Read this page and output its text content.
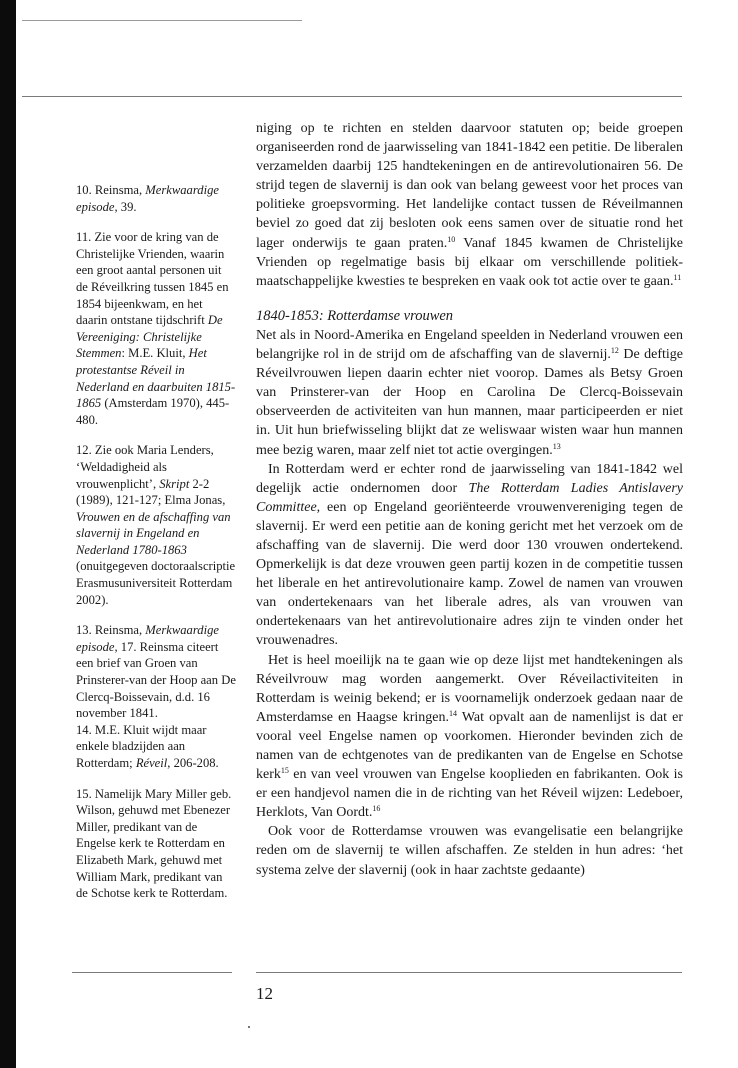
10. Reinsma, Merkwaardige episode, 39.

11. Zie voor de kring van de Christelijke Vrienden, waarin een groot aantal personen uit de Réveilkring tussen 1845 en 1854 bijeenkwam, en het daarin ontstane tijdschrift De Vereeniging: Christelijke Stemmen: M.E. Kluit, Het protestantse Réveil in Nederland en daarbuiten 1815-1865 (Amsterdam 1970), 445-480.

12. Zie ook Maria Lenders, ‘Weldadigheid als vrouwenplicht’, Skript 2-2 (1989), 121-127; Elma Jonas, Vrouwen en de afschaffing van slavernij in Engeland en Nederland 1780-1863 (onuitgegeven doctoraalscriptie Erasmusuniversiteit Rotterdam 2002).

13. Reinsma, Merkwaardige episode, 17. Reinsma citeert een brief van Groen van Prinsterer-van der Hoop aan De Clercq-Boissevain, d.d. 16 november 1841.

14. M.E. Kluit wijdt maar enkele bladzijden aan Rotterdam; Réveil, 206-208.

15. Namelijk Mary Miller geb. Wilson, gehuwd met Ebenezer Miller, predikant van de Engelse kerk te Rotterdam en Elizabeth Mark, gehuwd met William Mark, predikant van de Schotse kerk te Rotterdam.

niging op te richten en stelden daarvoor statuten op; beide groepen organiseerden rond de jaarwisseling van 1841-1842 een petitie. De liberalen verzamelden daarbij 125 handtekeningen en de antirevolutionairen 56. De strijd tegen de slavernij is dan ook van belang geweest voor het proces van politieke groepsvorming. Het landelijke contact tussen de Réveilmannen beviel zo goed dat zij besloten ook eens samen over de situatie rond het lager onderwijs te gaan praten.$^{10}$ Vanaf 1845 kwamen de Christelijke Vrienden op regelmatige basis bij elkaar om verschillende politiek-maatschappelijke kwesties te bespreken en vaak ook tot actie over te gaan.$^{11}$

1840-1853: Rotterdamse vrouwen

Net als in Noord-Amerika en Engeland speelden in Nederland vrouwen een belangrijke rol in de strijd om de afschaffing van de slavernij.$^{12}$ De deftige Réveilvrouwen liepen daarin echter niet voorop. Dames als Betsy Groen van Prinsterer-van der Hoop en Carolina De Clercq-Boissevain observeerden de activiteiten van hun mannen, maar participeerden er niet in. Uit hun briefwisseling blijkt dat ze weliswaar wisten waar hun mannen mee bezig waren, maar zelf niet tot actie overgingen.$^{13}$

In Rotterdam werd er echter rond de jaarwisseling van 1841-1842 wel degelijk actie ondernomen door The Rotterdam Ladies Antislavery Committee, een op Engeland georiënteerde vrouwenvereniging tegen de slavernij. Er werd een petitie aan de koning gericht met het verzoek om de afschaffing van de slavernij. Die werd door 130 vrouwen ondertekend. Opmerkelijk is dat deze vrouwen geen partij kozen in de competitie tussen het liberale en het antirevolutionaire kamp. Zowel de namen van vrouwen van ondertekenaars van het liberale adres, als van vrouwen van ondertekenaars van het antirevolutionaire adres zijn te vinden onder het vrouwenadres.

Het is heel moeilijk na te gaan wie op deze lijst met handtekeningen als Réveilvrouw mag worden aangemerkt. Over Réveilactiviteiten in Rotterdam is weinig bekend; er is voornamelijk onderzoek gedaan naar de Amsterdamse en Haagse kringen.$^{14}$ Wat opvalt aan de namenlijst is dat er vooral veel Engelse namen op voorkomen. Hieronder bevinden zich de namen van de echtgenotes van de predikanten van de Engelse en Schotse kerk$^{15}$ en van veel vrouwen van Engelse kooplieden en fabrikanten. Ook is er een handjevol namen die in de richting van het Réveil wijzen: Ledeboer, Herklots, Van Oordt.$^{16}$

Ook voor de Rotterdamse vrouwen was evangelisatie een belangrijke reden om de slavernij te willen afschaffen. Ze stelden in hun adres: ‘het systema zelve der slavernij (ook in haar zachtste gedaante)

12
